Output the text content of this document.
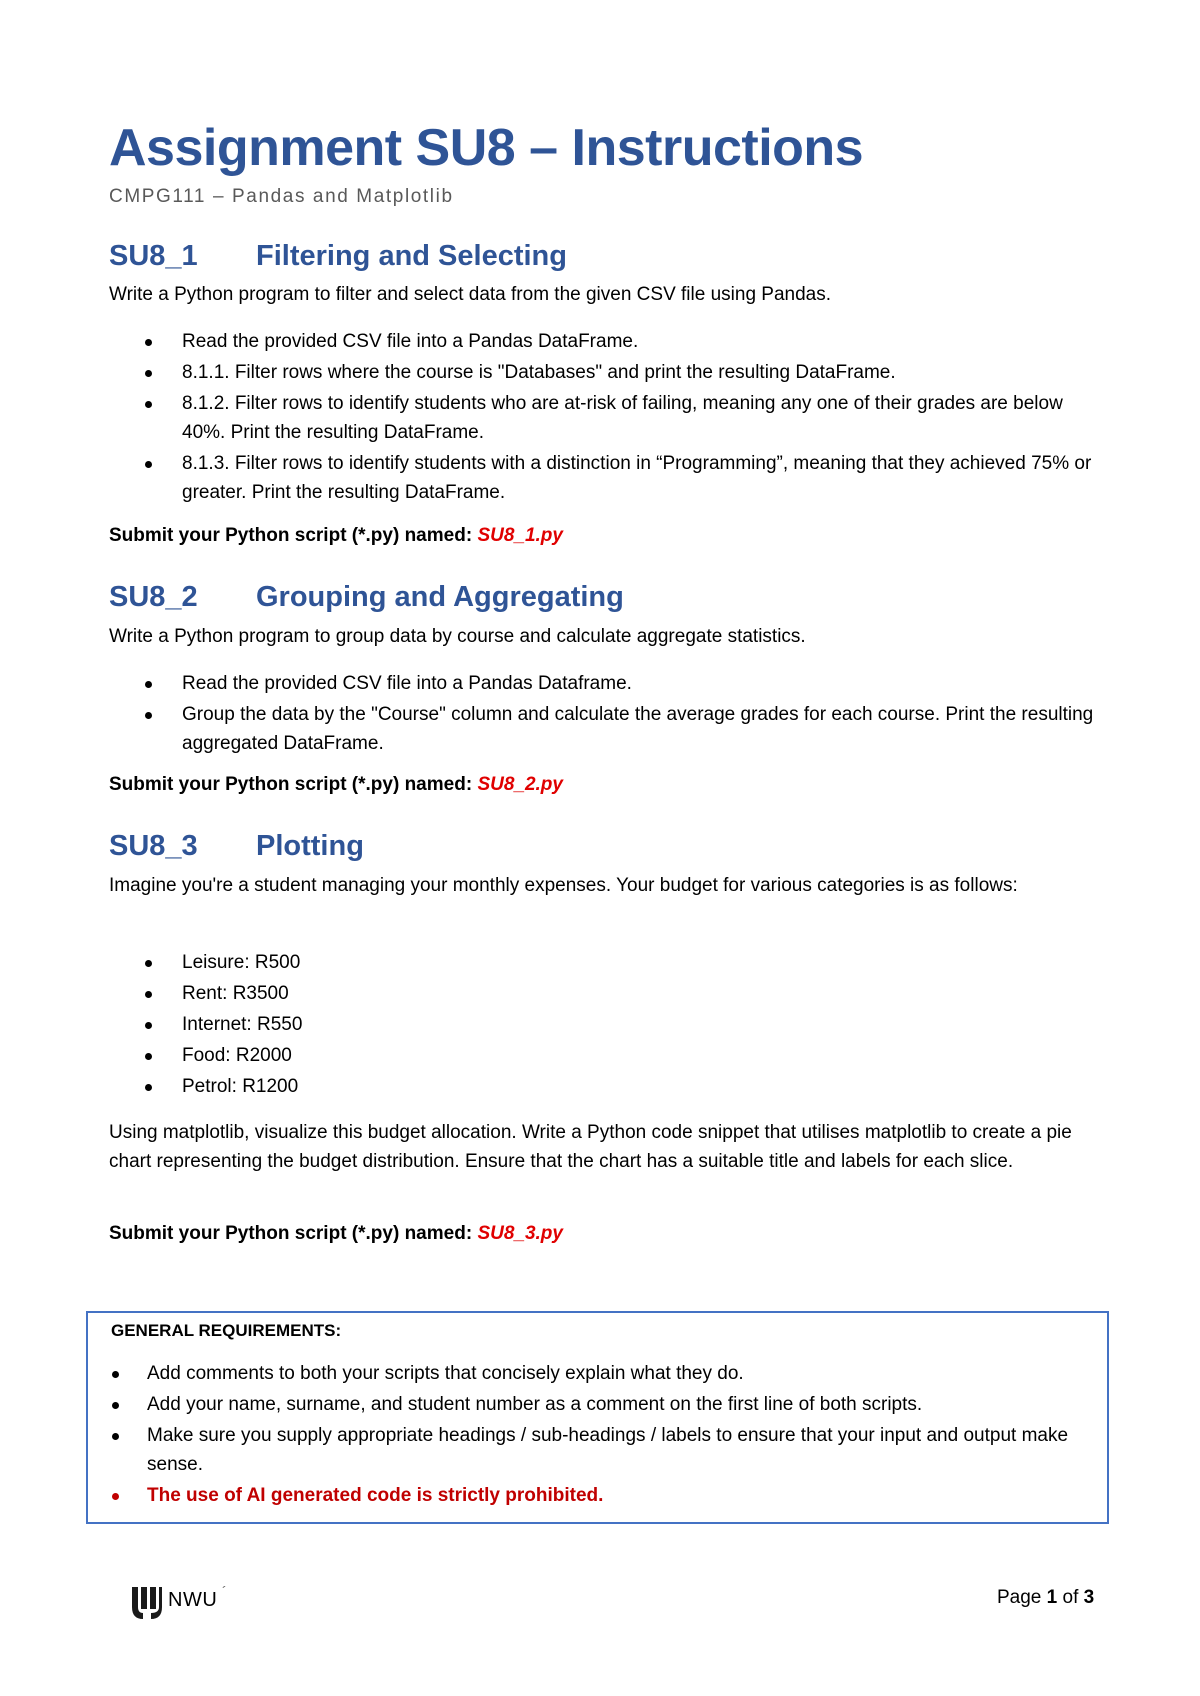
Assignment SU8 – Instructions
CMPG111 – Pandas and Matplotlib
SU8_1 Filtering and Selecting
Write a Python program to filter and select data from the given CSV file using Pandas.
Read the provided CSV file into a Pandas DataFrame.
8.1.1. Filter rows where the course is "Databases" and print the resulting DataFrame.
8.1.2. Filter rows to identify students who are at-risk of failing, meaning any one of their grades are below 40%. Print the resulting DataFrame.
8.1.3. Filter rows to identify students with a distinction in “Programming”, meaning that they achieved 75% or greater. Print the resulting DataFrame.
Submit your Python script (*.py) named: SU8_1.py
SU8_2 Grouping and Aggregating
Write a Python program to group data by course and calculate aggregate statistics.
Read the provided CSV file into a Pandas Dataframe.
Group the data by the "Course" column and calculate the average grades for each course. Print the resulting aggregated DataFrame.
Submit your Python script (*.py) named: SU8_2.py
SU8_3 Plotting
Imagine you're a student managing your monthly expenses. Your budget for various categories is as follows:
Leisure: R500
Rent: R3500
Internet: R550
Food: R2000
Petrol: R1200
Using matplotlib, visualize this budget allocation. Write a Python code snippet that utilises matplotlib to create a pie chart representing the budget distribution. Ensure that the chart has a suitable title and labels for each slice.
Submit your Python script (*.py) named: SU8_3.py
GENERAL REQUIREMENTS:
Add comments to both your scripts that concisely explain what they do.
Add your name, surname, and student number as a comment on the first line of both scripts.
Make sure you supply appropriate headings / sub-headings / labels to ensure that your input and output make sense.
The use of AI generated code is strictly prohibited.
NWU ´	Page 1 of 3
